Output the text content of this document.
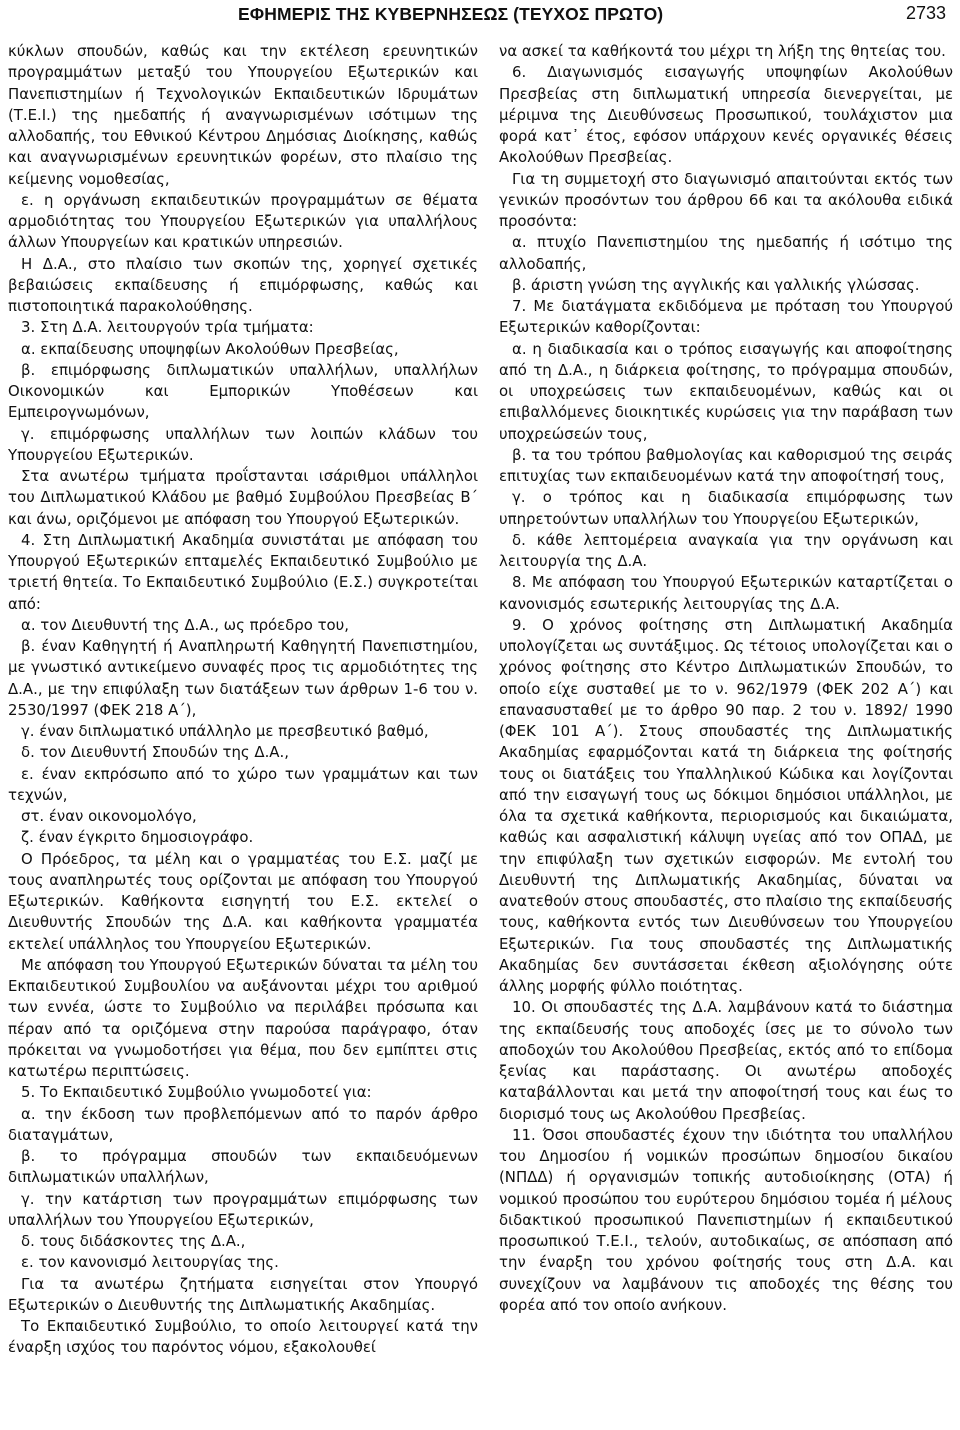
ΕΦΗΜΕΡΙΣ ΤΗΣ ΚΥΒΕΡΝΗΣΕΩΣ (ΤΕΥΧΟΣ ΠΡΩΤΟ)	2733

κύκλων σπουδών, καθώς και την εκτέλεση ερευνητικών προγραμμάτων μεταξύ του Υπουργείου Εξωτερικών και Πανεπιστημίων ή Τεχνολογικών Εκπαιδευτικών Ιδρυμάτων (Τ.Ε.Ι.) της ημεδαπής ή αναγνωρισμένων ισότιμων της αλλοδαπής, του Εθνικού Κέντρου Δημόσιας Διοίκησης, καθώς και αναγνωρισμένων ερευνητικών φορέων, στο πλαίσιο της κείμενης νομοθεσίας,

ε. η οργάνωση εκπαιδευτικών προγραμμάτων σε θέματα αρμοδιότητας του Υπουργείου Εξωτερικών για υπαλλήλους άλλων Υπουργείων και κρατικών υπηρεσιών.

Η Δ.Α., στο πλαίσιο των σκοπών της, χορηγεί σχετικές βεβαιώσεις εκπαίδευσης ή επιμόρφωσης, καθώς και πιστοποιητικά παρακολούθησης.

3. Στη Δ.Α. λειτουργούν τρία τμήματα:

α. εκπαίδευσης υποψηφίων Ακολούθων Πρεσβείας,

β. επιμόρφωσης διπλωματικών υπαλλήλων, υπαλλήλων Οικονομικών και Εμπορικών Υποθέσεων και Εμπειρογνωμόνων,

γ. επιμόρφωσης υπαλλήλων των λοιπών κλάδων του Υπουργείου Εξωτερικών.

Στα ανωτέρω τμήματα προΐστανται ισάριθμοι υπάλληλοι του Διπλωματικού Κλάδου με βαθμό Συμβούλου Πρεσβείας Β΄ και άνω, οριζόμενοι με απόφαση του Υπουργού Εξωτερικών.

4. Στη Διπλωματική Ακαδημία συνιστάται με απόφαση του Υπουργού Εξωτερικών επταμελές Εκπαιδευτικό Συμβούλιο με τριετή θητεία. Το Εκπαιδευτικό Συμβούλιο (Ε.Σ.) συγκροτείται από:

α. τον Διευθυντή της Δ.Α., ως πρόεδρο του,

β. έναν Καθηγητή ή Αναπληρωτή Καθηγητή Πανεπιστημίου, με γνωστικό αντικείμενο συναφές προς τις αρμοδιότητες της Δ.Α., με την επιφύλαξη των διατάξεων των άρθρων 1-6 του ν. 2530/1997 (ΦΕΚ 218 Α΄),

γ. έναν διπλωματικό υπάλληλο με πρεσβευτικό βαθμό,

δ. τον Διευθυντή Σπουδών της Δ.Α.,

ε. έναν εκπρόσωπο από το χώρο των γραμμάτων και των τεχνών,

στ. έναν οικονομολόγο,

ζ. έναν έγκριτο δημοσιογράφο.

Ο Πρόεδρος, τα μέλη και ο γραμματέας του Ε.Σ. μαζί με τους αναπληρωτές τους ορίζονται με απόφαση του Υπουργού Εξωτερικών. Καθήκοντα εισηγητή του Ε.Σ. εκτελεί ο Διευθυντής Σπουδών της Δ.Α. και καθήκοντα γραμματέα εκτελεί υπάλληλος του Υπουργείου Εξωτερικών.

Με απόφαση του Υπουργού Εξωτερικών δύναται τα μέλη του Εκπαιδευτικού Συμβουλίου να αυξάνονται μέχρι του αριθμού των εννέα, ώστε το Συμβούλιο να περιλάβει πρόσωπα και πέραν από τα οριζόμενα στην παρούσα παράγραφο, όταν πρόκειται να γνωμοδοτήσει για θέμα, που δεν εμπίπτει στις κατωτέρω περιπτώσεις.

5. Το Εκπαιδευτικό Συμβούλιο γνωμοδοτεί για:

α. την έκδοση των προβλεπόμενων από το παρόν άρθρο διαταγμάτων,

β. το πρόγραμμα σπουδών των εκπαιδευόμενων διπλωματικών υπαλλήλων,

γ. την κατάρτιση των προγραμμάτων επιμόρφωσης των υπαλλήλων του Υπουργείου Εξωτερικών,

δ. τους διδάσκοντες της Δ.Α.,

ε. τον κανονισμό λειτουργίας της.

Για τα ανωτέρω ζητήματα εισηγείται στον Υπουργό Εξωτερικών ο Διευθυντής της Διπλωματικής Ακαδημίας.

Το Εκπαιδευτικό Συμβούλιο, το οποίο λειτουργεί κατά την έναρξη ισχύος του παρόντος νόμου, εξακολουθεί

να ασκεί τα καθήκοντά του μέχρι τη λήξη της θητείας του.

6. Διαγωνισμός εισαγωγής υποψηφίων Ακολούθων Πρεσβείας στη διπλωματική υπηρεσία διενεργείται, με μέριμνα της Διευθύνσεως Προσωπικού, τουλάχιστον μια φορά κατ᾽ έτος, εφόσον υπάρχουν κενές οργανικές θέσεις Ακολούθων Πρεσβείας.

Για τη συμμετοχή στο διαγωνισμό απαιτούνται εκτός των γενικών προσόντων του άρθρου 66 και τα ακόλουθα ειδικά προσόντα:

α. πτυχίο Πανεπιστημίου της ημεδαπής ή ισότιμο της αλλοδαπής,

β. άριστη γνώση της αγγλικής και γαλλικής γλώσσας.

7. Με διατάγματα εκδιδόμενα με πρόταση του Υπουργού Εξωτερικών καθορίζονται:

α. η διαδικασία και ο τρόπος εισαγωγής και αποφοίτησης από τη Δ.Α., η διάρκεια φοίτησης, το πρόγραμμα σπουδών, οι υποχρεώσεις των εκπαιδευομένων, καθώς και οι επιβαλλόμενες διοικητικές κυρώσεις για την παράβαση των υποχρεώσεών τους,

β. τα του τρόπου βαθμολογίας και καθορισμού της σειράς επιτυχίας των εκπαιδευομένων κατά την αποφοίτησή τους,

γ. ο τρόπος και η διαδικασία επιμόρφωσης των υπηρετούντων υπαλλήλων του Υπουργείου Εξωτερικών,

δ. κάθε λεπτομέρεια αναγκαία για την οργάνωση και λειτουργία της Δ.Α.

8. Με απόφαση του Υπουργού Εξωτερικών καταρτίζεται ο κανονισμός εσωτερικής λειτουργίας της Δ.Α.

9. Ο χρόνος φοίτησης στη Διπλωματική Ακαδημία υπολογίζεται ως συντάξιμος. Ως τέτοιος υπολογίζεται και ο χρόνος φοίτησης στο Κέντρο Διπλωματικών Σπουδών, το οποίο είχε συσταθεί με το ν. 962/1979 (ΦΕΚ 202 Α΄) και επανασυσταθεί με το άρθρο 90 παρ. 2 του ν. 1892/ 1990 (ΦΕΚ 101 Α΄). Στους σπουδαστές της Διπλωματικής Ακαδημίας εφαρμόζονται κατά τη διάρκεια της φοίτησής τους οι διατάξεις του Υπαλληλικού Κώδικα και λογίζονται από την εισαγωγή τους ως δόκιμοι δημόσιοι υπάλληλοι, με όλα τα σχετικά καθήκοντα, περιορισμούς και δικαιώματα, καθώς και ασφαλιστική κάλυψη υγείας από τον ΟΠΑΔ, με την επιφύλαξη των σχετικών εισφορών. Με εντολή του Διευθυντή της Διπλωματικής Ακαδημίας, δύναται να ανατεθούν στους σπουδαστές, στο πλαίσιο της εκπαίδευσής τους, καθήκοντα εντός των Διευθύνσεων του Υπουργείου Εξωτερικών. Για τους σπουδαστές της Διπλωματικής Ακαδημίας δεν συντάσσεται έκθεση αξιολόγησης ούτε άλλης μορφής φύλλο ποιότητας.

10. Οι σπουδαστές της Δ.Α. λαμβάνουν κατά το διάστημα της εκπαίδευσής τους αποδοχές ίσες με το σύνολο των αποδοχών του Ακολούθου Πρεσβείας, εκτός από το επίδομα ξενίας και παράστασης. Οι ανωτέρω αποδοχές καταβάλλονται και μετά την αποφοίτησή τους και έως το διορισμό τους ως Ακολούθου Πρεσβείας.

11. Όσοι σπουδαστές έχουν την ιδιότητα του υπαλλήλου του Δημοσίου ή νομικών προσώπων δημοσίου δικαίου (ΝΠΔΔ) ή οργανισμών τοπικής αυτοδιοίκησης (ΟΤΑ) ή νομικού προσώπου του ευρύτερου δημόσιου τομέα ή μέλους διδακτικού προσωπικού Πανεπιστημίων ή εκπαιδευτικού προσωπικού Τ.Ε.Ι., τελούν, αυτοδικαίως, σε απόσπαση από την έναρξη του χρόνου φοίτησής τους στη Δ.Α. και συνεχίζουν να λαμβάνουν τις αποδοχές της θέσης του φορέα από τον οποίο ανήκουν.
